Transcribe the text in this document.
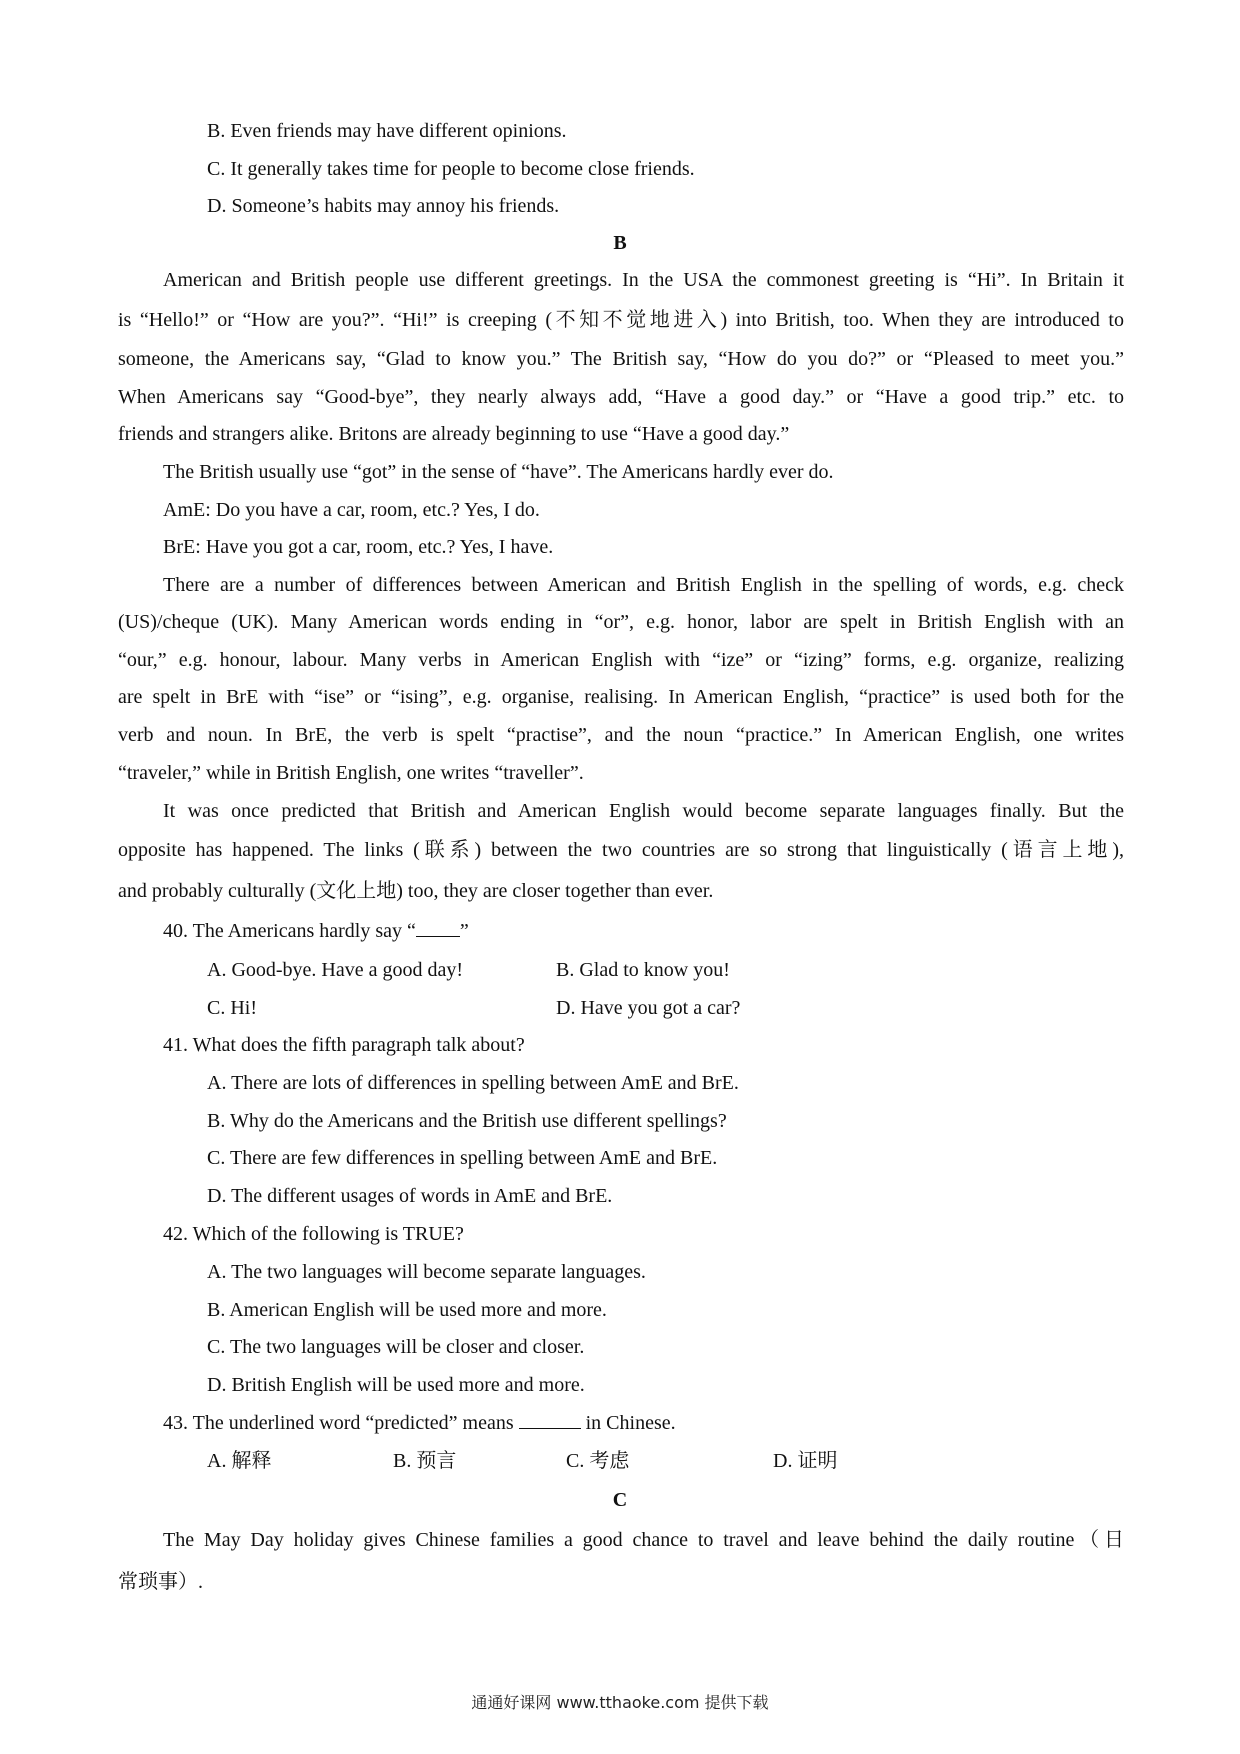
B. Even friends may have different opinions.
C. It generally takes time for people to become close friends.
D. Someone’s habits may annoy his friends.
B
American and British people use different greetings. In the USA the commonest greeting is “Hi”. In Britain it
is “Hello!” or “How are you?”. “Hi!” is creeping (不知不觉地进入) into British, too. When they are introduced to
someone, the Americans say, “Glad to know you.” The British say, “How do you do?” or “Pleased to meet you.”
When Americans say “Good-bye”, they nearly always add, “Have a good day.” or “Have a good trip.” etc. to
friends and strangers alike. Britons are already beginning to use “Have a good day.”
The British usually use “got” in the sense of “have”. The Americans hardly ever do.
AmE: Do you have a car, room, etc.? Yes, I do.
BrE: Have you got a car, room, etc.? Yes, I have.
There are a number of differences between American and British English in the spelling of words, e.g. check
(US)/cheque (UK). Many American words ending in “or”, e.g. honor, labor are spelt in British English with an
“our,” e.g. honour, labour. Many verbs in American English with “ize” or “izing” forms, e.g. organize, realizing
are spelt in BrE with “ise” or “ising”, e.g. organise, realising. In American English, “practice” is used both for the
verb and noun. In BrE, the verb is spelt “practise”, and the noun “practice.” In American English, one writes
“traveler,” while in British English, one writes “traveller”.
It was once predicted that British and American English would become separate languages finally. But the
opposite has happened. The links (联系) between the two countries are so strong that linguistically (语言上地),
and probably culturally (文化上地) too, they are closer together than ever.
40. The Americans hardly say “ ”
A. Good-bye. Have a good day!	B. Glad to know you!
C. Hi!	D. Have you got a car?
41. What does the fifth paragraph talk about?
A. There are lots of differences in spelling between AmE and BrE.
B. Why do the Americans and the British use different spellings?
C. There are few differences in spelling between AmE and BrE.
D. The different usages of words in AmE and BrE.
42. Which of the following is TRUE?
A. The two languages will become separate languages.
B. American English will be used more and more.
C. The two languages will be closer and closer.
D. British English will be used more and more.
43. The underlined word “predicted” means	in Chinese.
A. 解释	B. 预言	C. 考虑	D. 证明
C
The May Day holiday gives Chinese families a good chance to travel and leave behind the daily routine（日
常琐事）.
通通好课网 www.tthaoke.com 提供下载
